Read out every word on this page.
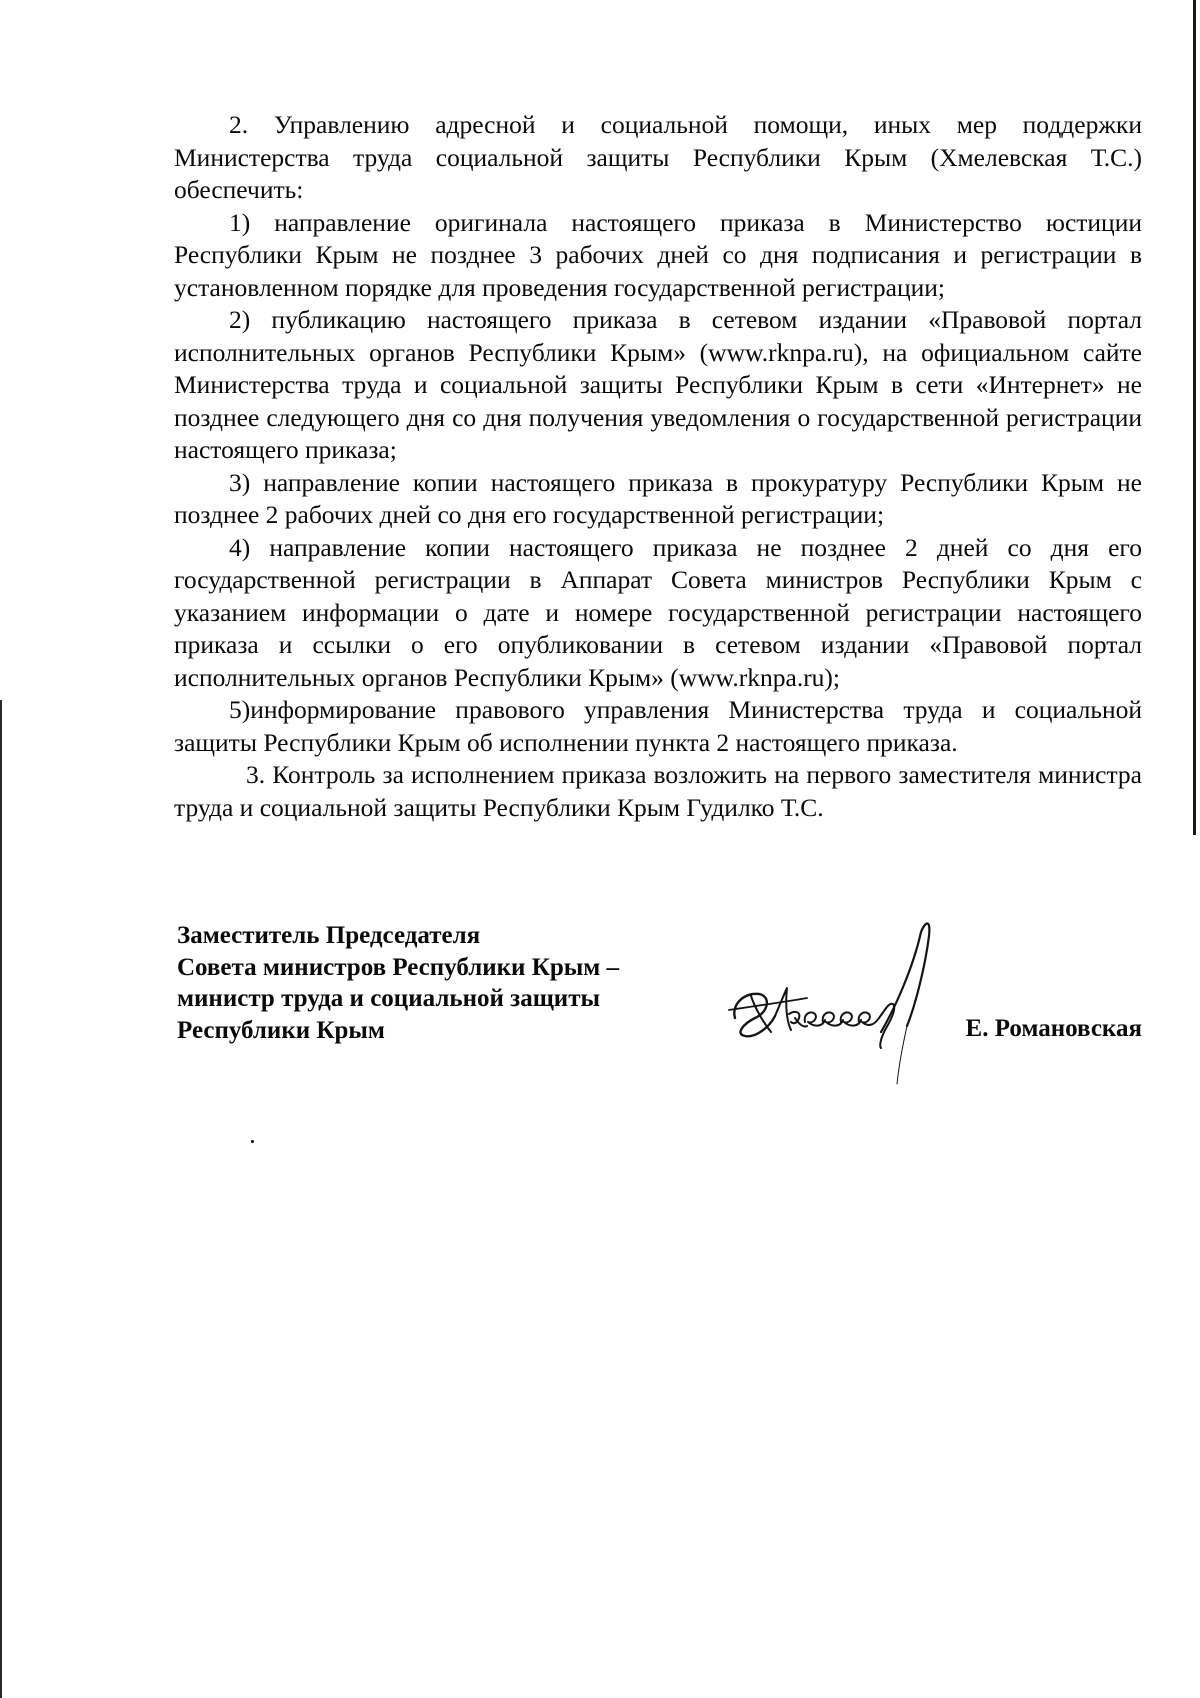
2. Управлению адресной и социальной помощи, иных мер поддержки Министерства труда социальной защиты Республики Крым (Хмелевская Т.С.) обеспечить:

1) направление оригинала настоящего приказа в Министерство юстиции Республики Крым не позднее 3 рабочих дней со дня подписания и регистрации в установленном порядке для проведения государственной регистрации;

2) публикацию настоящего приказа в сетевом издании «Правовой портал исполнительных органов Республики Крым» (www.rknpa.ru), на официальном сайте Министерства труда и социальной защиты Республики Крым в сети «Интернет» не позднее следующего дня со дня получения уведомления о государственной регистрации настоящего приказа;

3) направление копии настоящего приказа в прокуратуру Республики Крым не позднее 2 рабочих дней со дня его государственной регистрации;

4) направление копии настоящего приказа не позднее 2 дней со дня его государственной регистрации в Аппарат Совета министров Республики Крым с указанием информации о дате и номере государственной регистрации настоящего приказа и ссылки о его опубликовании в сетевом издании «Правовой портал исполнительных органов Республики Крым» (www.rknpa.ru);

5)информирование правового управления Министерства труда и социальной защиты Республики Крым об исполнении пункта 2 настоящего приказа.

3. Контроль за исполнением приказа возложить на первого заместителя министра труда и социальной защиты Республики Крым Гудилко Т.С.

Заместитель Председателя
Совета министров Республики Крым –
министр труда и социальной защиты
Республики Крым	Е. Романовская
